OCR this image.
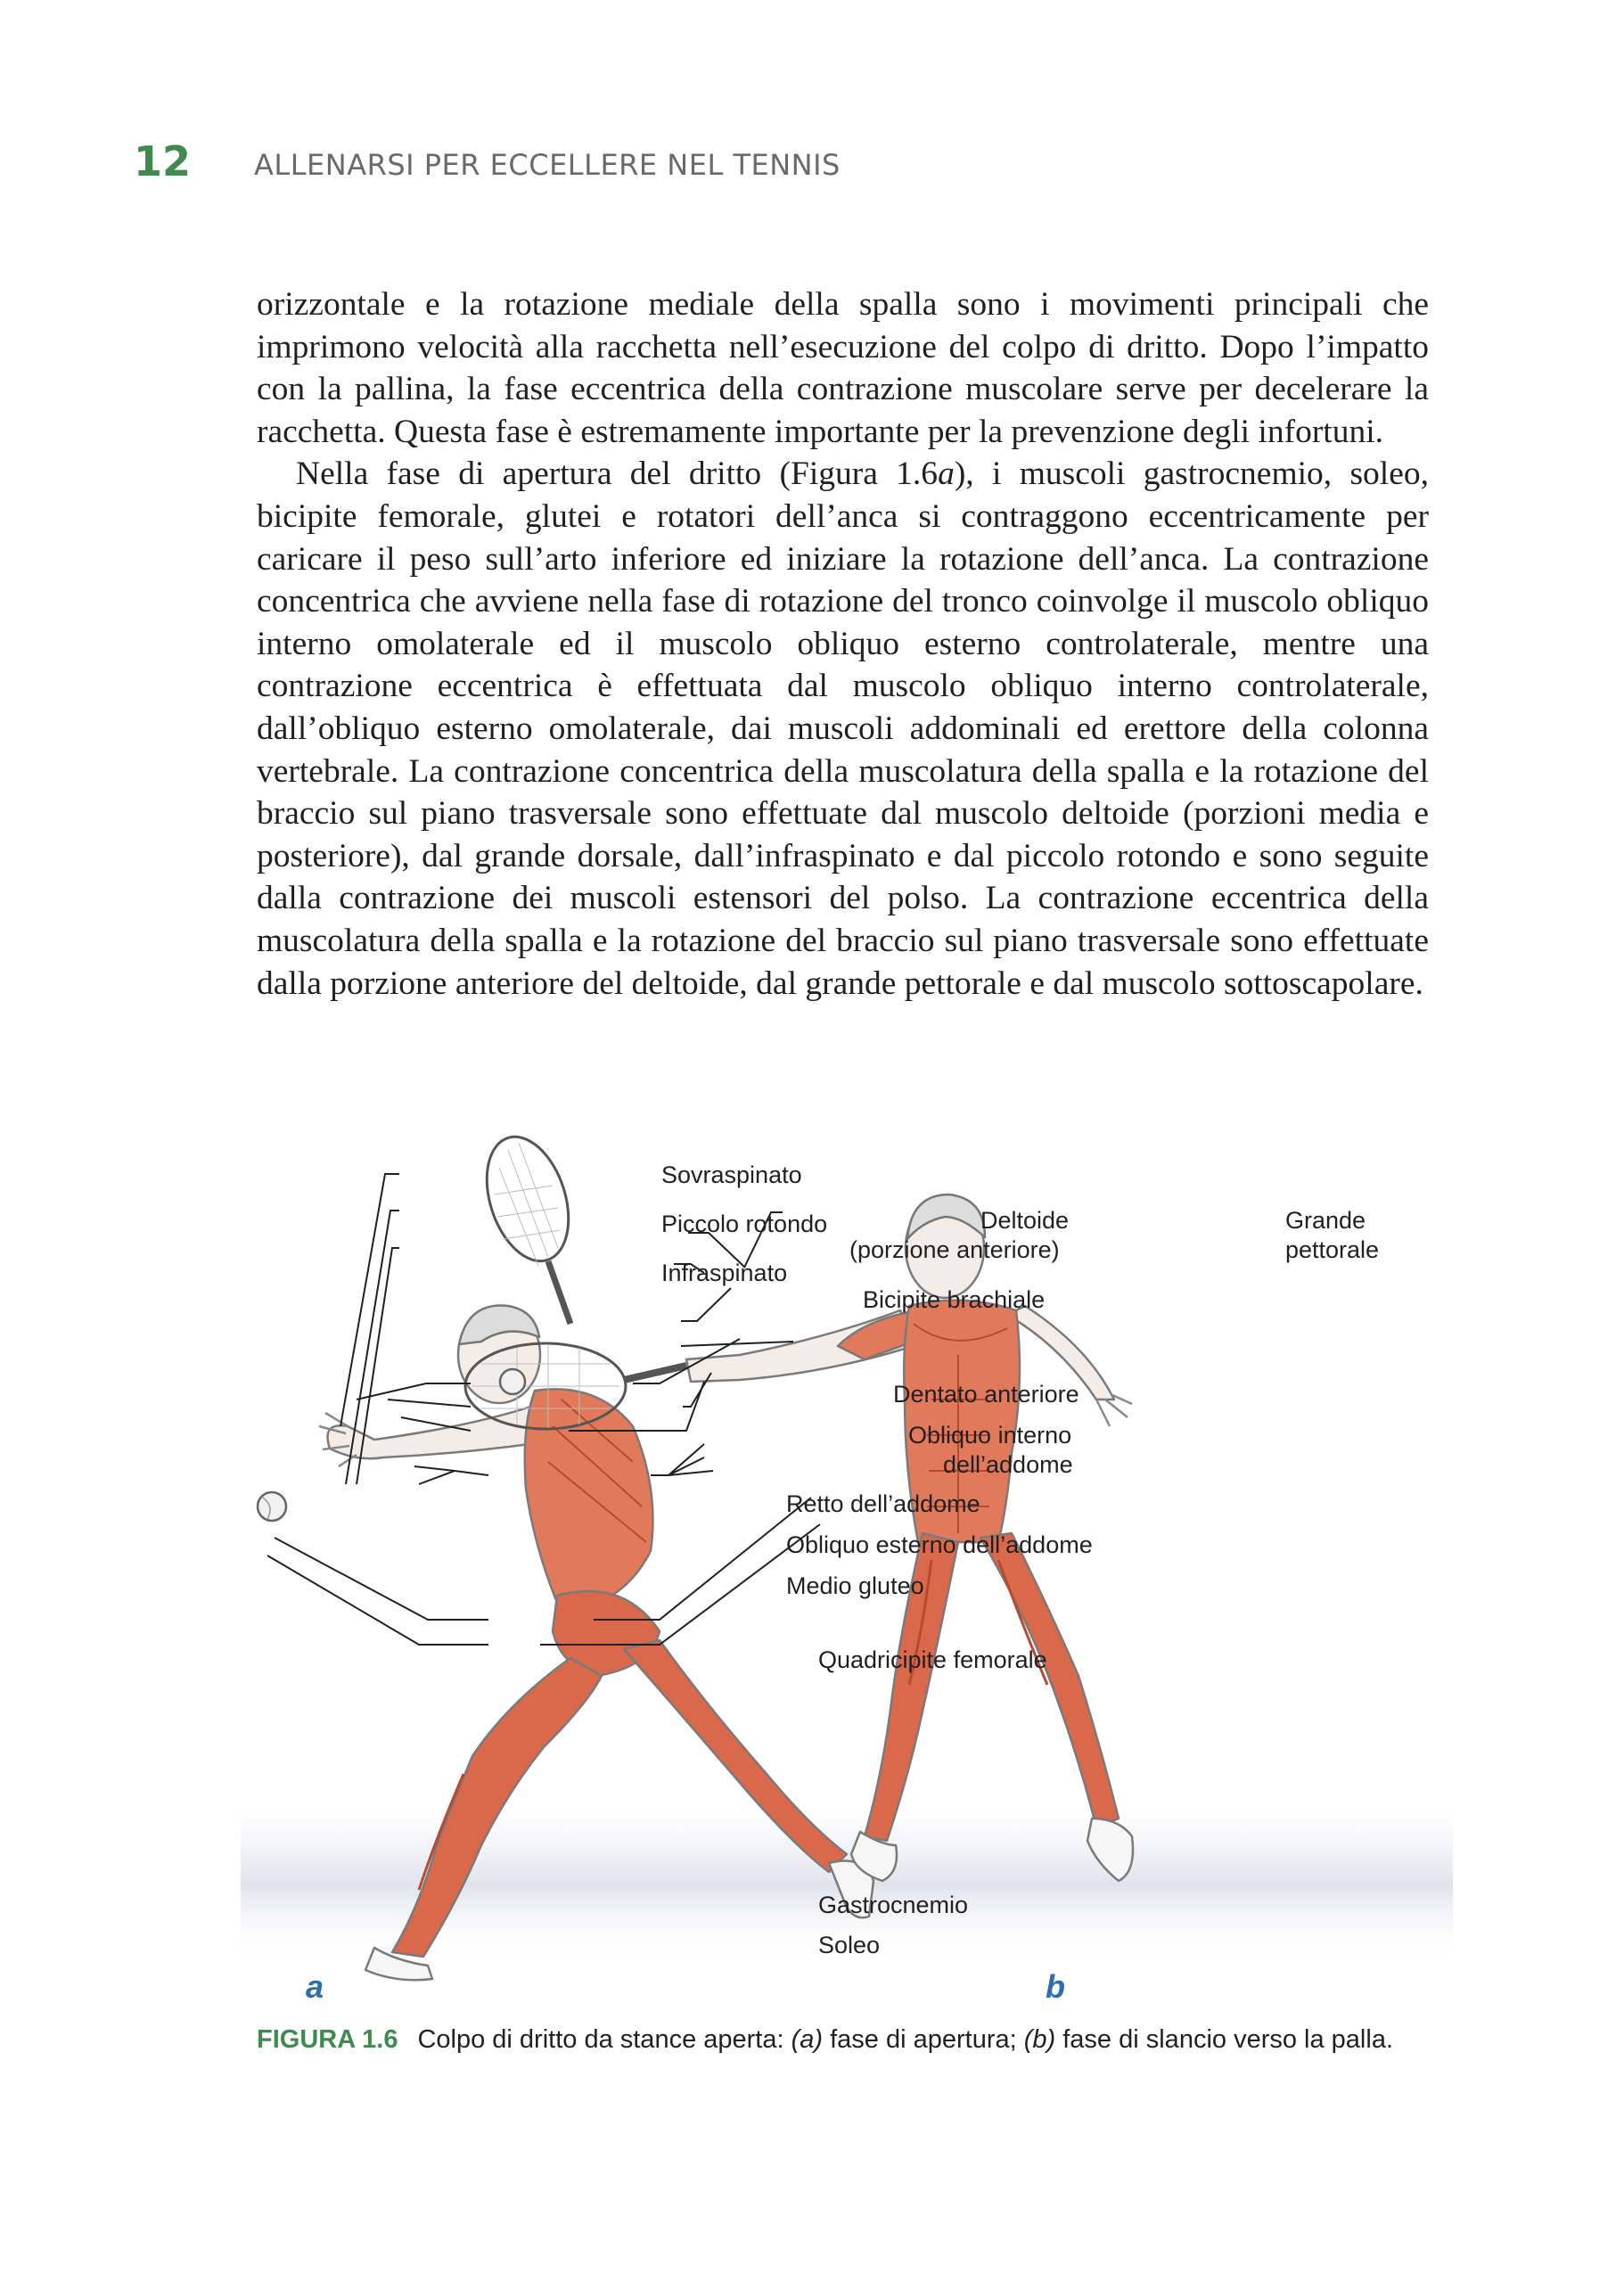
12 ALLENARSI PER ECCELLERE NEL TENNIS

orizzontale e la rotazione mediale della spalla sono i movimenti principali che imprimono velocità alla racchetta nell’esecuzione del colpo di dritto. Dopo l’impatto con la pallina, la fase eccentrica della contrazione muscolare serve per decelerare la racchetta. Questa fase è estremamente importante per la prevenzione degli infortuni.

Nella fase di apertura del dritto (Figura 1.6a), i muscoli gastrocnemio, soleo, bicipite femorale, glutei e rotatori dell’anca si contraggono eccentricamente per caricare il peso sull’arto inferiore ed iniziare la rotazione dell’anca. La contrazione concentrica che avviene nella fase di rotazione del tronco coinvolge il muscolo obliquo interno omolaterale ed il muscolo obliquo esterno controlaterale, mentre una contrazione eccentrica è effettuata dal muscolo obliquo interno controlaterale, dall’obliquo esterno omolaterale, dai muscoli addominali ed erettore della colonna vertebrale. La contrazione concentrica della muscolatura della spalla e la rotazione del braccio sul piano trasversale sono effettuate dal muscolo deltoide (porzioni media e posteriore), dal grande dorsale, dall’infraspinato e dal piccolo rotondo e sono seguite dalla contrazione dei muscoli estensori del polso. La contrazione eccentrica della muscolatura della spalla e la rotazione del braccio sul piano trasversale sono effettuate dalla porzione anteriore del deltoide, dal grande pettorale e dal muscolo sottoscapolare.

Sovraspinato
Piccolo rotondo
Infraspinato
Deltoide
(porzione anteriore)
Grande
pettorale
Bicipite brachiale
Dentato anteriore
Obliquo interno
dell’addome
Retto dell’addome
Obliquo esterno dell’addome
Medio gluteo
Quadricipite femorale
Gastrocnemio
Soleo
a	b
FIGURA 1.6 Colpo di dritto da stance aperta: (a) fase di apertura; (b) fase di slancio verso la palla.
